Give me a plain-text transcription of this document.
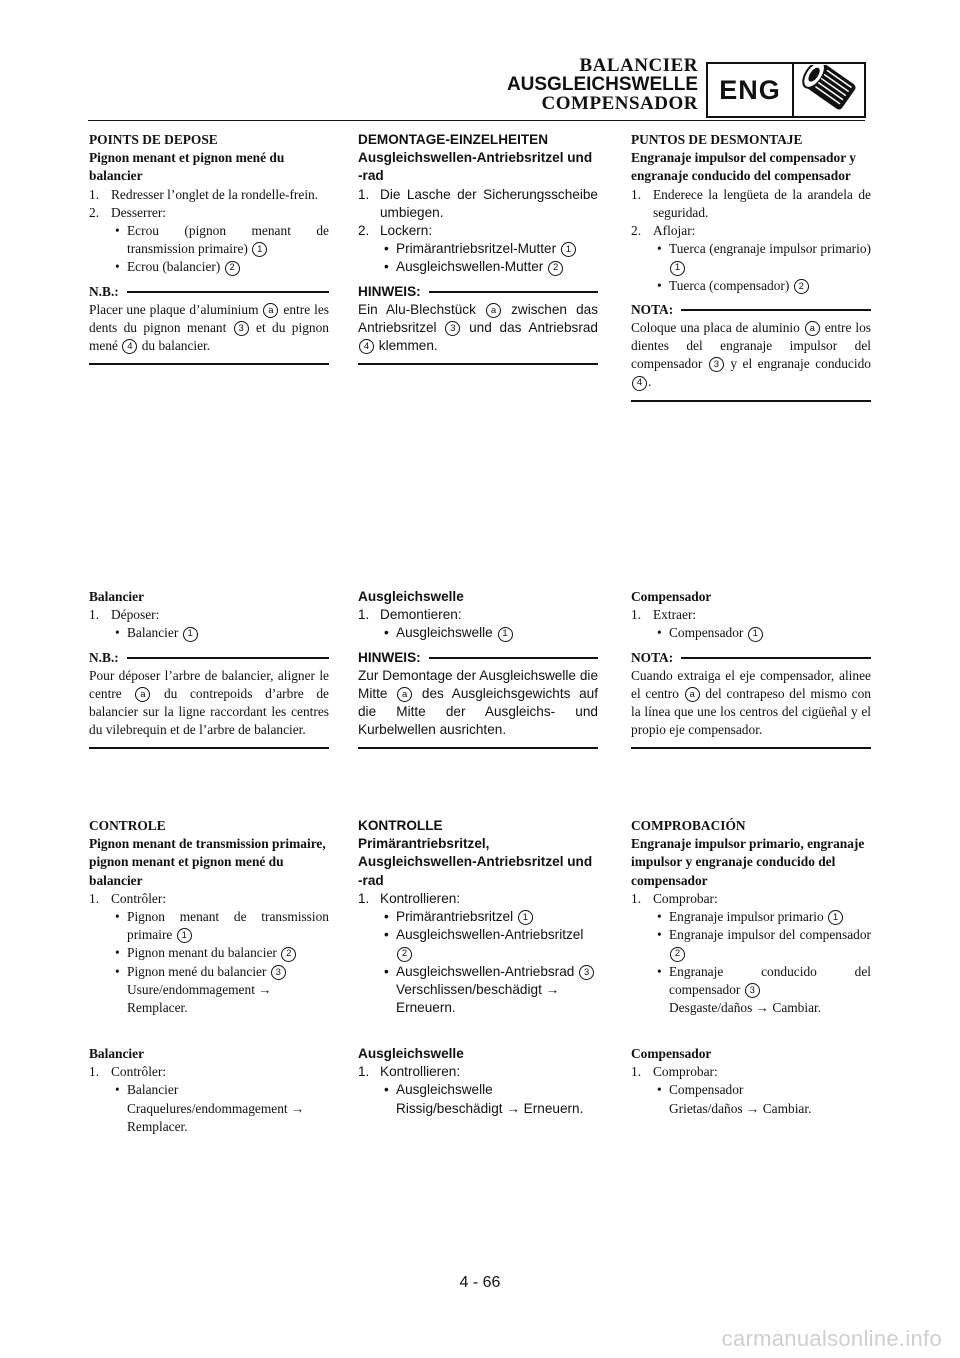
BALANCIER
AUSGLEICHSWELLE
COMPENSADOR ENG
POINTS DE DEPOSE
Pignon menant et pignon mené du balancier
1. Redresser l’onglet de la rondelle-frein.
2. Desserrer:
• Ecrou (pignon menant de transmission primaire) 1
• Ecrou (balancier) 2
N.B.:
Placer une plaque d’aluminium a entre les dents du pignon menant 3 et du pignon mené 4 du balancier.
DEMONTAGE-EINZELHEITEN
Ausgleichswellen-Antriebsritzel und -rad
1. Die Lasche der Sicherungsscheibe umbiegen.
2. Lockern:
• Primärantriebsritzel-Mutter 1
• Ausgleichswellen-Mutter 2
HINWEIS:
Ein Alu-Blechstück a zwischen das Antriebsritzel 3 und das Antriebsrad 4 klemmen.
PUNTOS DE DESMONTAJE
Engranaje impulsor del compensador y engranaje conducido del compensador
1. Enderece la lengüeta de la arandela de seguridad.
2. Aflojar:
• Tuerca (engranaje impulsor primario) 1
• Tuerca (compensador) 2
NOTA:
Coloque una placa de aluminio a entre los dientes del engranaje impulsor del compensador 3 y el engranaje conducido 4 .
Balancier
1. Déposer:
• Balancier 1
N.B.:
Pour déposer l’arbre de balancier, aligner le centre a du contrepoids d’arbre de balancier sur la ligne raccordant les centres du vilebrequin et de l’arbre de balancier.
Ausgleichswelle
1. Demontieren:
• Ausgleichswelle 1
HINWEIS:
Zur Demontage der Ausgleichswelle die Mitte a des Ausgleichsgewichts auf die Mitte der Ausgleichs- und Kurbelwellen ausrichten.
Compensador
1. Extraer:
• Compensador 1
NOTA:
Cuando extraiga el eje compensador, alinee el centro a del contrapeso del mismo con la línea que une los centros del cigüeñal y el propio eje compensador.
CONTROLE
Pignon menant de transmission primaire, pignon menant et pignon mené du balancier
1. Contrôler:
• Pignon menant de transmission primaire 1
• Pignon menant du balancier 2
• Pignon mené du balancier 3
Usure/endommagement → Remplacer.
KONTROLLE
Primärantriebsritzel, Ausgleichswellen-Antriebsritzel und -rad
1. Kontrollieren:
• Primärantriebsritzel 1
• Ausgleichswellen-Antriebsritzel 2
• Ausgleichswellen-Antriebsrad 3
Verschlissen/beschädigt → Erneuern.
COMPROBACIÓN
Engranaje impulsor primario, engranaje impulsor y engranaje conducido del compensador
1. Comprobar:
• Engranaje impulsor primario 1
• Engranaje impulsor del compensador 2
• Engranaje conducido del compensador 3
Desgaste/daños → Cambiar.
Balancier
1. Contrôler:
• Balancier
Craquelures/endommagement → Remplacer.
Ausgleichswelle
1. Kontrollieren:
• Ausgleichswelle
Rissig/beschädigt → Erneuern.
Compensador
1. Comprobar:
• Compensador
Grietas/daños → Cambiar.
4 - 66
carmanualsonline.info
